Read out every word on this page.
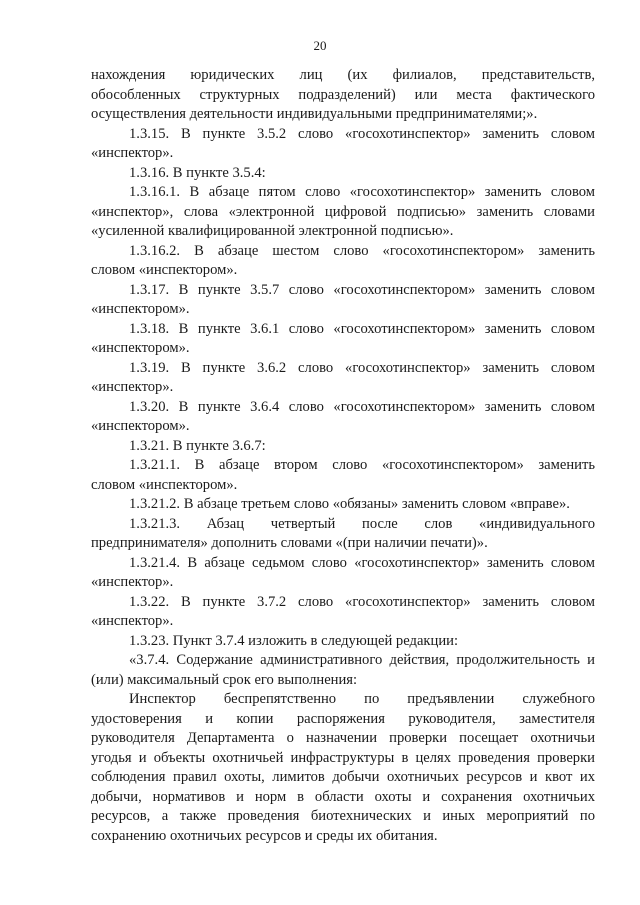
20
нахождения юридических лиц (их филиалов, представительств,
обособленных структурных подразделений) или места фактического
осуществления деятельности индивидуальными предпринимателями;».
1.3.15. В пункте 3.5.2 слово «госохотинспектор» заменить словом
«инспектор».
1.3.16. В пункте 3.5.4:
1.3.16.1. В абзаце пятом слово «госохотинспектор» заменить словом
«инспектор», слова «электронной цифровой подписью» заменить словами
«усиленной квалифицированной электронной подписью».
1.3.16.2. В абзаце шестом слово «госохотинспектором» заменить
словом «инспектором».
1.3.17. В пункте 3.5.7 слово «госохотинспектором» заменить словом
«инспектором».
1.3.18. В пункте 3.6.1 слово «госохотинспектором» заменить словом
«инспектором».
1.3.19. В пункте 3.6.2 слово «госохотинспектор» заменить словом
«инспектор».
1.3.20. В пункте 3.6.4 слово «госохотинспектором» заменить словом
«инспектором».
1.3.21. В пункте 3.6.7:
1.3.21.1. В абзаце втором слово «госохотинспектором» заменить
словом «инспектором».
1.3.21.2. В абзаце третьем слово «обязаны» заменить словом «вправе».
1.3.21.3. Абзац четвертый после слов «индивидуального
предпринимателя» дополнить словами «(при наличии печати)».
1.3.21.4. В абзаце седьмом слово «госохотинспектор» заменить словом
«инспектор».
1.3.22. В пункте 3.7.2 слово «госохотинспектор» заменить словом
«инспектор».
1.3.23. Пункт 3.7.4 изложить в следующей редакции:
«3.7.4. Содержание административного действия, продолжительность и
(или) максимальный срок его выполнения:
Инспектор беспрепятственно по предъявлении служебного
удостоверения и копии распоряжения руководителя, заместителя
руководителя Департамента о назначении проверки посещает охотничьи
угодья и объекты охотничьей инфраструктуры в целях проведения проверки
соблюдения правил охоты, лимитов добычи охотничьих ресурсов и квот их
добычи, нормативов и норм в области охоты и сохранения охотничьих
ресурсов, а также проведения биотехнических и иных мероприятий по
сохранению охотничьих ресурсов и среды их обитания.
